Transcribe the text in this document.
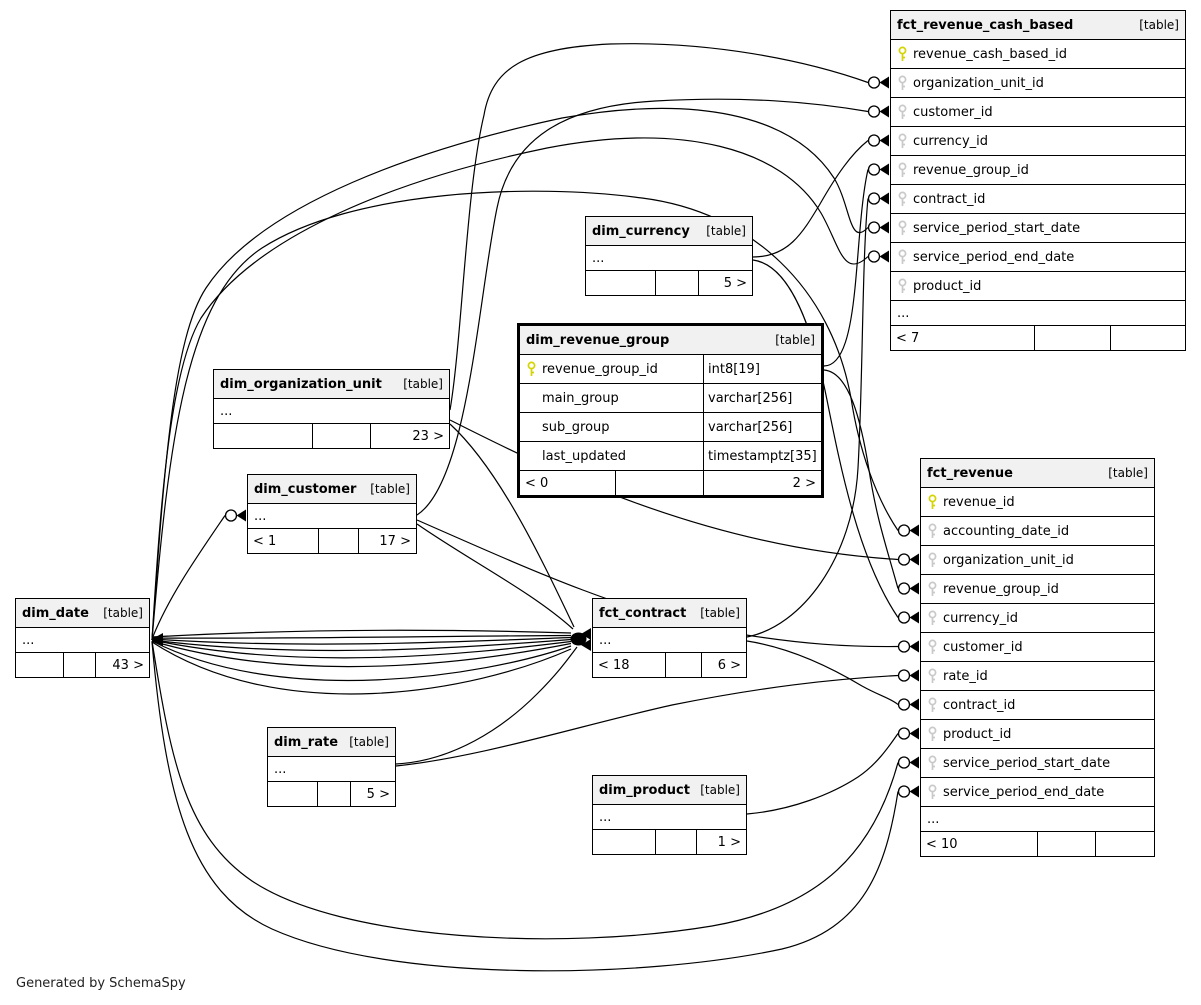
Generated by SchemaSpy
fct_revenue_cash_based	[table]
revenue_cash_based_id
organization_unit_id
customer_id
currency_id
revenue_group_id
contract_id
service_period_start_date
service_period_end_date
product_id
...
< 7
fct_revenue	[table]
revenue_id
accounting_date_id
organization_unit_id
revenue_group_id
currency_id
customer_id
rate_id
contract_id
product_id
service_period_start_date
service_period_end_date
...
< 10
dim_revenue_group	[table]
revenue_group_id	int8[19]
main_group	varchar[256]
sub_group	varchar[256]
last_updated	timestamptz[35]
< 0	2 >
dim_currency	[table]
...
5 >
dim_organization_unit	[table]
...
23 >
dim_customer	[table]
...
< 1	17 >
dim_date	[table]
...
43 >
fct_contract	[table]
...
< 18	6 >
dim_rate [table]
...
5 >	dim_product [table]
...
1 >
